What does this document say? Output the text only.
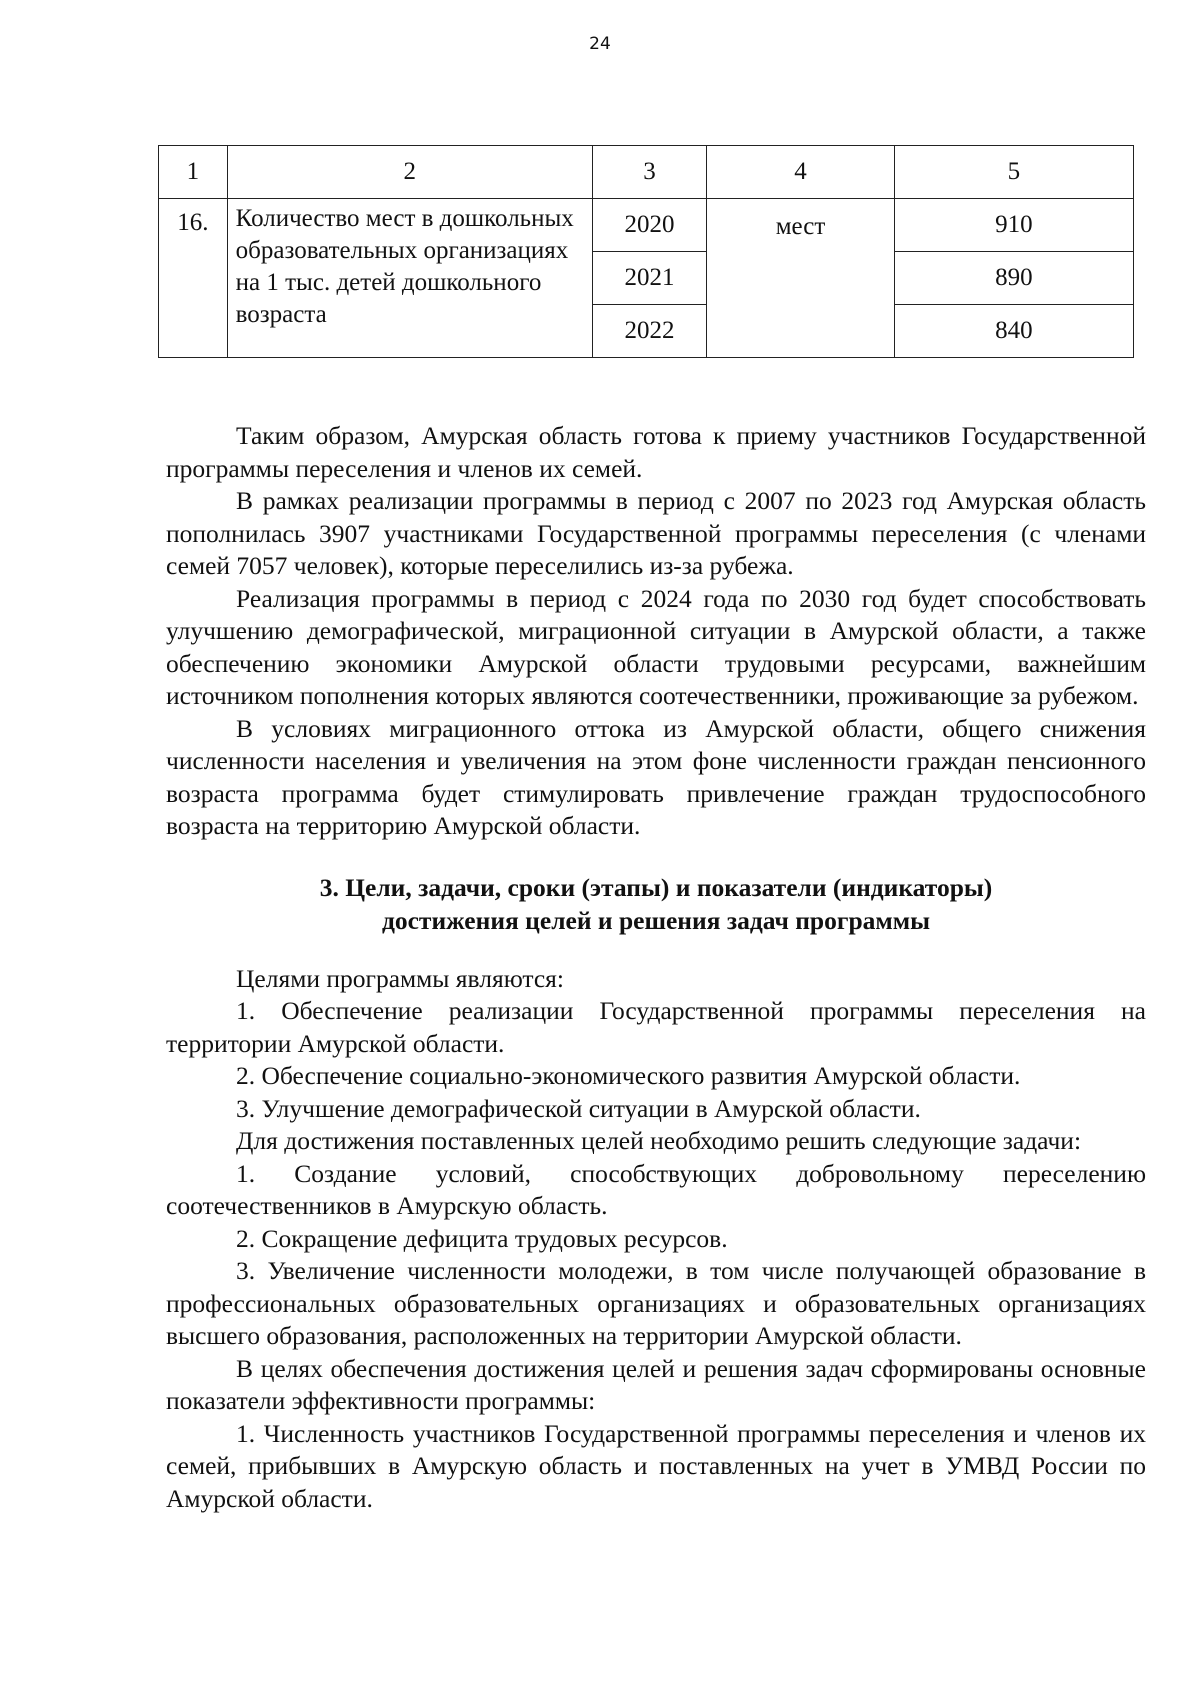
24
1	2	3	4	5
16.	Количество мест в дошкольных образовательных организациях на 1 тыс. детей дошкольного возраста	2020	мест	910
		2021		890
		2022		840

Таким образом, Амурская область готова к приему участников Государственной программы переселения и членов их семей.

В рамках реализации программы в период с 2007 по 2023 год Амурская область пополнилась 3907 участниками Государственной программы переселения (с членами семей 7057 человек), которые переселились из-за рубежа.

Реализация программы в период с 2024 года по 2030 год будет способствовать улучшению демографической, миграционной ситуации в Амурской области, а также обеспечению экономики Амурской области трудовыми ресурсами, важнейшим источником пополнения которых являются соотечественники, проживающие за рубежом.

В условиях миграционного оттока из Амурской области, общего снижения численности населения и увеличения на этом фоне численности граждан пенсионного возраста программа будет стимулировать привлечение граждан трудоспособного возраста на территорию Амурской области.

3. Цели, задачи, сроки (этапы) и показатели (индикаторы)
достижения целей и решения задач программы

Целями программы являются:

1. Обеспечение реализации Государственной программы переселения на территории Амурской области.

2. Обеспечение социально-экономического развития Амурской области.

3. Улучшение демографической ситуации в Амурской области.

Для достижения поставленных целей необходимо решить следующие задачи:

1. Создание условий, способствующих добровольному переселению соотечественников в Амурскую область.

2. Сокращение дефицита трудовых ресурсов.

3. Увеличение численности молодежи, в том числе получающей образование в профессиональных образовательных организациях и образовательных организациях высшего образования, расположенных на территории Амурской области.

В целях обеспечения достижения целей и решения задач сформированы основные показатели эффективности программы:

1. Численность участников Государственной программы переселения и членов их семей, прибывших в Амурскую область и поставленных на учет в УМВД России по Амурской области.
